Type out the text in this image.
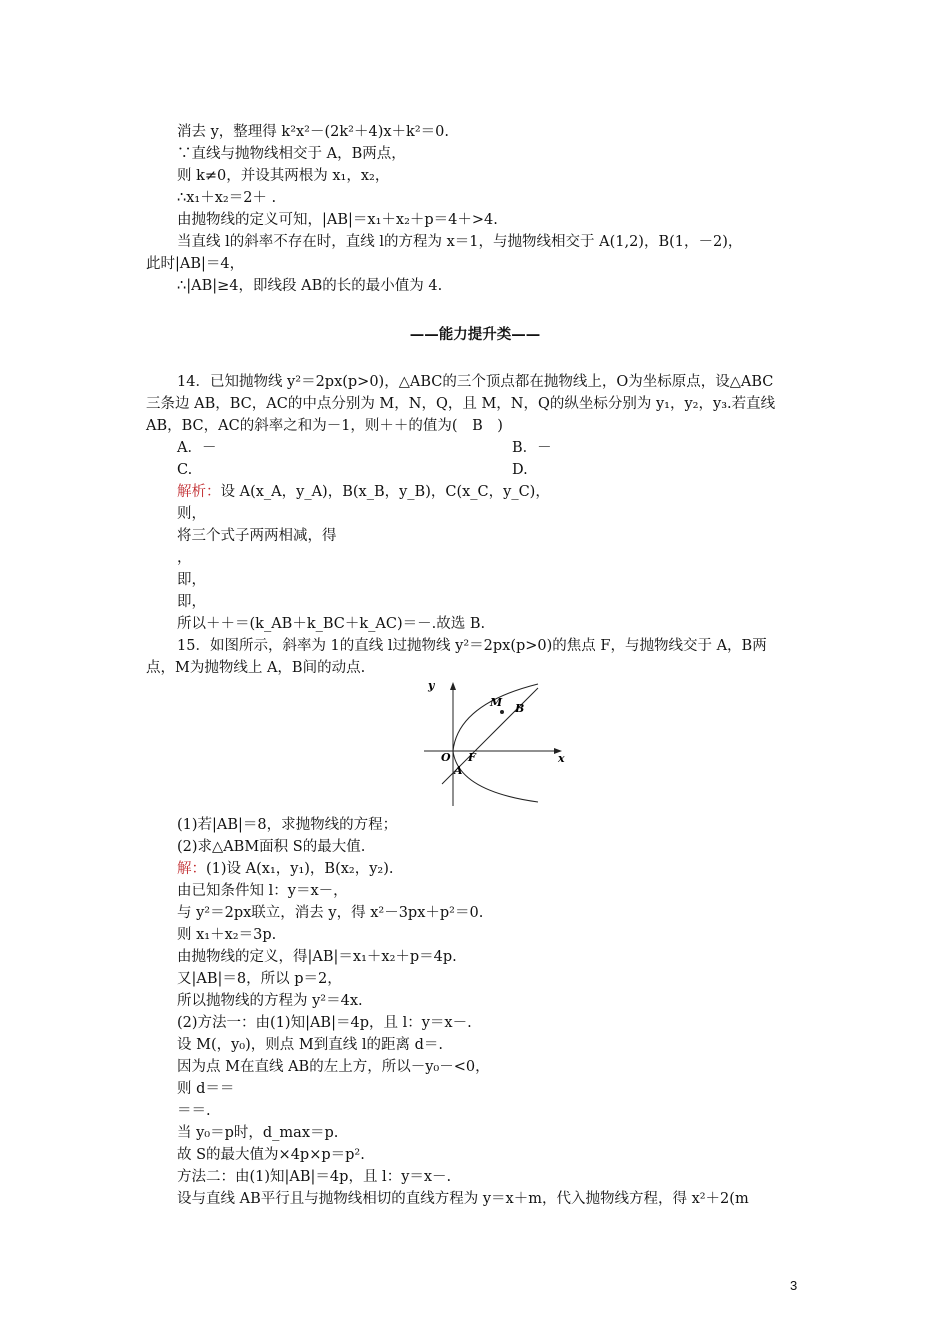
消去 y，整理得 k²x²－(2k²＋4)x＋k²＝0.
∵直线与抛物线相交于 A，B两点，
则 k≠0，并设其两根为 x₁，x₂，
∴x₁＋x₂＝2＋ .
由抛物线的定义可知，|AB|＝x₁＋x₂＋p＝4＋>4.
当直线 l的斜率不存在时，直线 l的方程为 x＝1，与抛物线相交于 A(1,2)，B(1，－2)，
此时|AB|＝4，
∴|AB|≥4，即线段 AB的长的最小值为 4.
——能力提升类——
14．已知抛物线 y²＝2px(p>0)，△ABC的三个顶点都在抛物线上，O为坐标原点，设△ABC
三条边 AB，BC，AC的中点分别为 M，N，Q，且 M，N，Q的纵坐标分别为 y₁，y₂，y₃.若直线
AB，BC，AC的斜率之和为－1，则＋＋的值为(　B　)
A．－	B．－
C.	D.
解析：设 A(x_A，y_A)，B(x_B，y_B)，C(x_C，y_C)，
则，
将三个式子两两相减，得
，
即，
即，
所以＋＋＝(k_AB＋k_BC＋k_AC)＝－.故选 B.
15．如图所示，斜率为 1的直线 l过抛物线 y²＝2px(p>0)的焦点 F，与抛物线交于 A，B两
点，M为抛物线上 A，B间的动点.
y
x
O F
A
B
M
(1)若|AB|＝8，求抛物线的方程；
(2)求△ABM面积 S的最大值.
解：(1)设 A(x₁，y₁)，B(x₂，y₂).
由已知条件知 l：y＝x－，
与 y²＝2px联立，消去 y，得 x²－3px＋p²＝0.
则 x₁＋x₂＝3p.
由抛物线的定义，得|AB|＝x₁＋x₂＋p＝4p.
又|AB|＝8，所以 p＝2，
所以抛物线的方程为 y²＝4x.
(2)方法一：由(1)知|AB|＝4p，且 l：y＝x－.
设 M(，y₀)，则点 M到直线 l的距离 d＝.
因为点 M在直线 AB的左上方，所以－y₀－<0，
则 d＝＝
＝＝.
当 y₀＝p时，d_max＝p.
故 S的最大值为×4p×p＝p².
方法二：由(1)知|AB|＝4p，且 l：y＝x－.
设与直线 AB平行且与抛物线相切的直线方程为 y＝x＋m，代入抛物线方程，得 x²＋2(m
3
